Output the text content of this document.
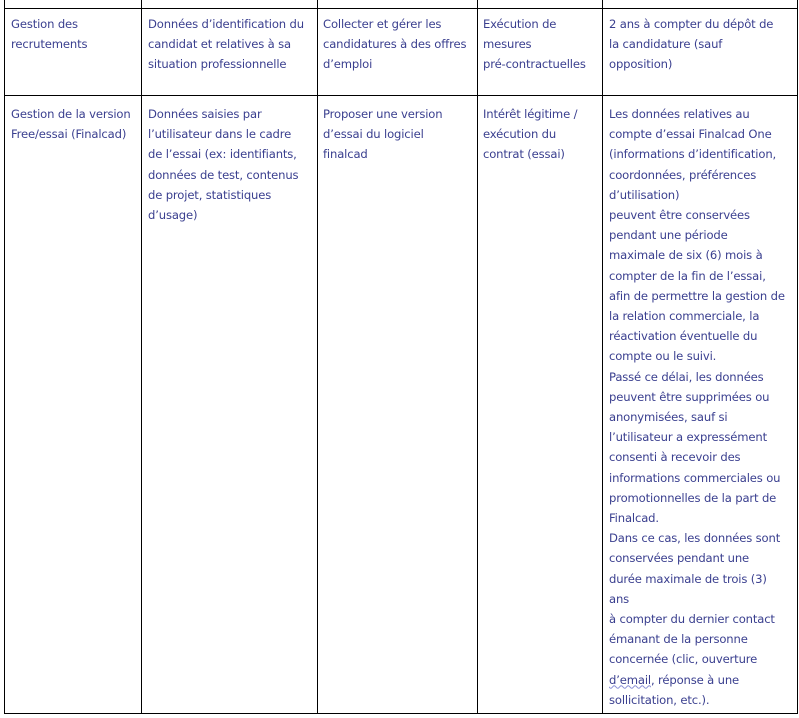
Gestion des
recrutements
Données d’identification du
candidat et relatives à sa
situation professionnelle
Collecter et gérer les
candidatures à des offres
d’emploi
Exécution de
mesures
pré-contractuelles
2 ans à compter du dépôt de
la candidature (sauf
opposition)
Gestion de la version
Free/essai (Finalcad)
Données saisies par
l’utilisateur dans le cadre
de l’essai (ex: identifiants,
données de test, contenus
de projet, statistiques
d’usage)
Proposer une version
d’essai du logiciel
finalcad
Intérêt légitime /
exécution du
contrat (essai)
Les données relatives au
compte d’essai Finalcad One
(informations d’identification,
coordonnées, préférences
d’utilisation)
peuvent être conservées
pendant une période
maximale de six (6) mois à
compter de la fin de l’essai,
afin de permettre la gestion de
la relation commerciale, la
réactivation éventuelle du
compte ou le suivi.
Passé ce délai, les données
peuvent être supprimées ou
anonymisées, sauf si
l’utilisateur a expressément
consenti à recevoir des
informations commerciales ou
promotionnelles de la part de
Finalcad.
Dans ce cas, les données sont
conservées pendant une
durée maximale de trois (3)
ans
à compter du dernier contact
émanant de la personne
concernée (clic, ouverture
d’email, réponse à une
sollicitation, etc.).
